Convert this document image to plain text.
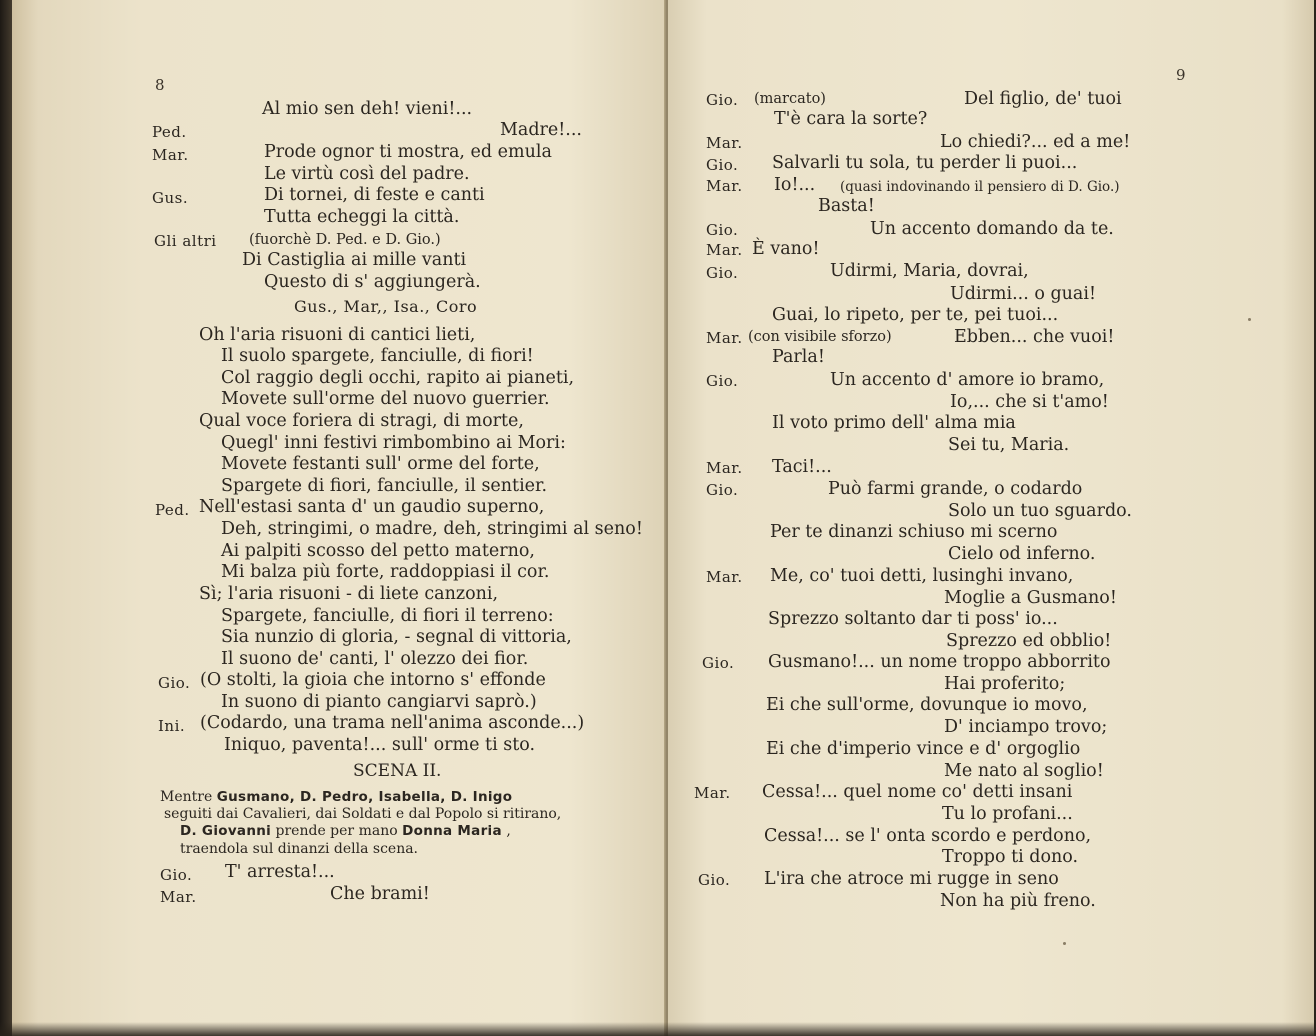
8
Al mio sen deh! vieni!...
Ped.	Madre!...
Mar.	Prode ognor ti mostra, ed emula
Le virtù così del padre.
Gus.	Di tornei, di feste e canti
Tutta echeggi la città.
Gli altri (fuorchè D. Ped. e D. Gio.)
Di Castiglia ai mille vanti
Questo di s' aggiungerà.
Gus., Mar,, Isa., Coro
Oh l'aria risuoni di cantici lieti,
Il suolo spargete, fanciulle, di fiori!
Col raggio degli occhi, rapito ai pianeti,
Movete sull'orme del nuovo guerrier.
Qual voce foriera di stragi, di morte,
Quegl' inni festivi rimbombino ai Mori:
Movete festanti sull' orme del forte,
Spargete di fiori, fanciulle, il sentier.
Ped. Nell'estasi santa d' un gaudio superno,
Deh, stringimi, o madre, deh, stringimi al seno!
Ai palpiti scosso del petto materno,
Mi balza più forte, raddoppiasi il cor.
Sì; l'aria risuoni - di liete canzoni,
Spargete, fanciulle, di fiori il terreno:
Sia nunzio di gloria, - segnal di vittoria,
Il suono de' canti, l' olezzo dei fior.
Gio. (O stolti, la gioia che intorno s' effonde
In suono di pianto cangiarvi saprò.)
Ini. (Codardo, una trama nell'anima asconde...)
Iniquo, paventa!... sull' orme ti sto.
SCENA II.
Mentre Gusmano, D. Pedro, Isabella, D. Inigo
seguiti dai Cavalieri, dai Soldati e dal Popolo si ritirano,
D. Giovanni prende per mano Donna Maria ,
traendola sul dinanzi della scena.
Gio. T' arresta!...
Mar.	Che brami!
9
Gio. (marcato)	Del figlio, de' tuoi
T'è cara la sorte?
Mar.	Lo chiedi?... ed a me!
Gio. Salvarli tu sola, tu perder li puoi...
Mar. Io!... (quasi indovinando il pensiero di D. Gio.)
Basta!
Gio.	Un accento domando da te.
Mar. È vano!
Gio.	Udirmi, Maria, dovrai,
Udirmi... o guai!
Guai, lo ripeto, per te, pei tuoi...
Mar. (con visibile sforzo)	Ebben... che vuoi!
Parla!
Gio.	Un accento d' amore io bramo,
Io,... che si t'amo!
Il voto primo dell' alma mia
Sei tu, Maria.
Mar. Taci!...
Gio.	Può farmi grande, o codardo
Solo un tuo sguardo.
Per te dinanzi schiuso mi scerno
Cielo od inferno.
Mar. Me, co' tuoi detti, lusinghi invano,
Moglie a Gusmano!
Sprezzo soltanto dar ti poss' io...
Sprezzo ed obblio!
Gio. Gusmano!... un nome troppo abborrito
Hai proferito;
Ei che sull'orme, dovunque io movo,
D' inciampo trovo;
Ei che d'imperio vince e d' orgoglio
Me nato al soglio!
Mar. Cessa!... quel nome co' detti insani
Tu lo profani...
Cessa!... se l' onta scordo e perdono,
Troppo ti dono.
Gio. L'ira che atroce mi rugge in seno
Non ha più freno.
